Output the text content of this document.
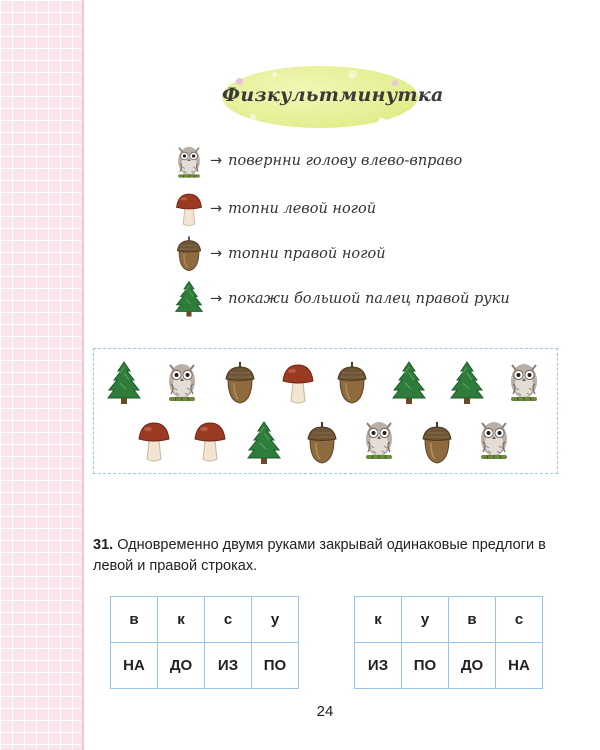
Физкультминутка
→ повернни голову влево-вправо
→ топни левой ногой
→ топни правой ногой
→ покажи большой палец правой руки
31. Одновременно двумя руками закрывай одинаковые предлоги в левой и правой строках.
в	к	с	у
НА	ДО	ИЗ	ПО
к	у	в	с
ИЗ	ПО	ДО	НА
24
